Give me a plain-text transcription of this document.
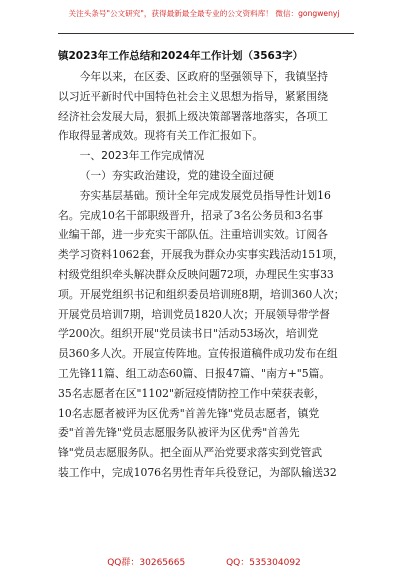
关注头条号"公文研究"，获得最新最全最专业的公文资料库！ 微信：gongwenyj
镇2023年工作总结和2024年工作计划（3563字）
今年以来，在区委、区政府的坚强领导下，我镇坚持
以习近平新时代中国特色社会主义思想为指导，紧紧围绕
经济社会发展大局，狠抓上级决策部署落地落实，各项工
作取得显著成效。现将有关工作汇报如下。
一、2023年工作完成情况
（一）夯实政治建设，党的建设全面过硬
夯实基层基础。预计全年完成发展党员指导性计划16
名。完成10名干部职级晋升，招录了3名公务员和3名事
业编干部，进一步充实干部队伍。注重培训实效。订阅各
类学习资料1062套，开展我为群众办实事实践活动151项，
村级党组织牵头解决群众反映问题72项，办理民生实事33
项。开展党组织书记和组织委员培训班8期，培训360人次；
开展党员培训7期，培训党员1820人次；开展领导带学督
学200次。组织开展"党员读书日"活动53场次，培训党
员360多人次。开展宣传阵地。宣传报道稿件成功发布在组
工先锋11篇、组工动态60篇、日报47篇、"南方+"5篇。
35名志愿者在区"1102"新冠疫情防控工作中荣获表彰，
10名志愿者被评为区优秀"首善先锋"党员志愿者，镇党
委"首善先锋"党员志愿服务队被评为区优秀"首善先
锋"党员志愿服务队。把全面从严治党要求落实到党管武
装工作中，完成1076名男性青年兵役登记，为部队输送32
QQ群：30265665	QQ：535304092
